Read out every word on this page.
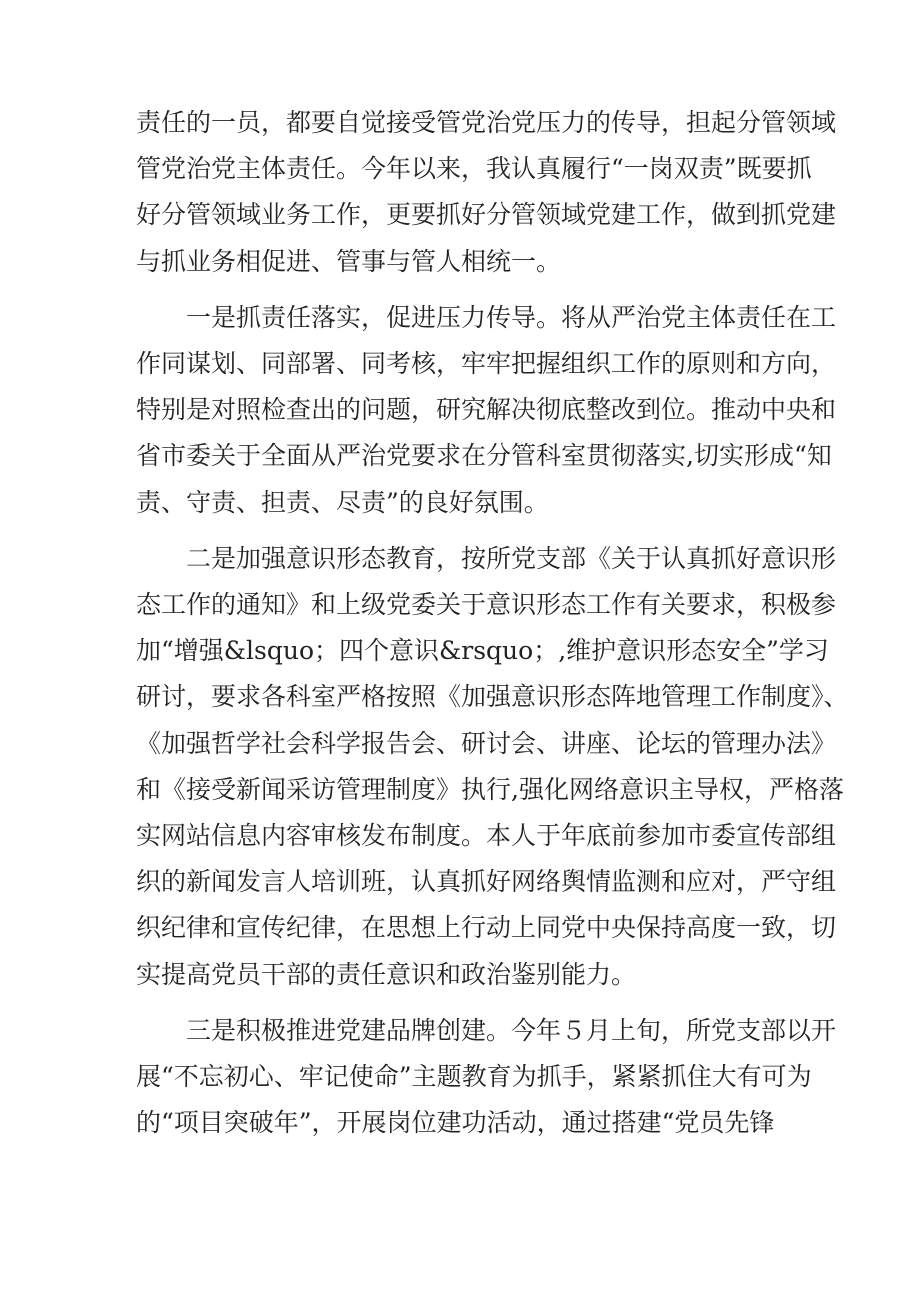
责任的一员，都要自觉接受管党治党压力的传导，担起分管领域
管党治党主体责任。今年以来，我认真履行“一岗双责”既要抓
好分管领域业务工作，更要抓好分管领域党建工作，做到抓党建
与抓业务相促进、管事与管人相统一。
　　一是抓责任落实，促进压力传导。将从严治党主体责任在工
作同谋划、同部署、同考核，牢牢把握组织工作的原则和方向，
特别是对照检查出的问题，研究解决彻底整改到位。推动中央和
省市委关于全面从严治党要求在分管科室贯彻落实,切实形成“知
责、守责、担责、尽责”的良好氛围。
　　二是加强意识形态教育，按所党支部《关于认真抓好意识形
态工作的通知》和上级党委关于意识形态工作有关要求，积极参
加“增强&lsquo；四个意识&rsquo；,维护意识形态安全”学习
研讨，要求各科室严格按照《加强意识形态阵地管理工作制度》、
《加强哲学社会科学报告会、研讨会、讲座、论坛的管理办法》
和《接受新闻采访管理制度》执行,强化网络意识主导权，严格落
实网站信息内容审核发布制度。本人于年底前参加市委宣传部组
织的新闻发言人培训班，认真抓好网络舆情监测和应对，严守组
织纪律和宣传纪律，在思想上行动上同党中央保持高度一致，切
实提高党员干部的责任意识和政治鉴别能力。
　　三是积极推进党建品牌创建。今年５月上旬，所党支部以开
展“不忘初心、牢记使命”主题教育为抓手，紧紧抓住大有可为
的“项目突破年”，开展岗位建功活动，通过搭建“党员先锋
